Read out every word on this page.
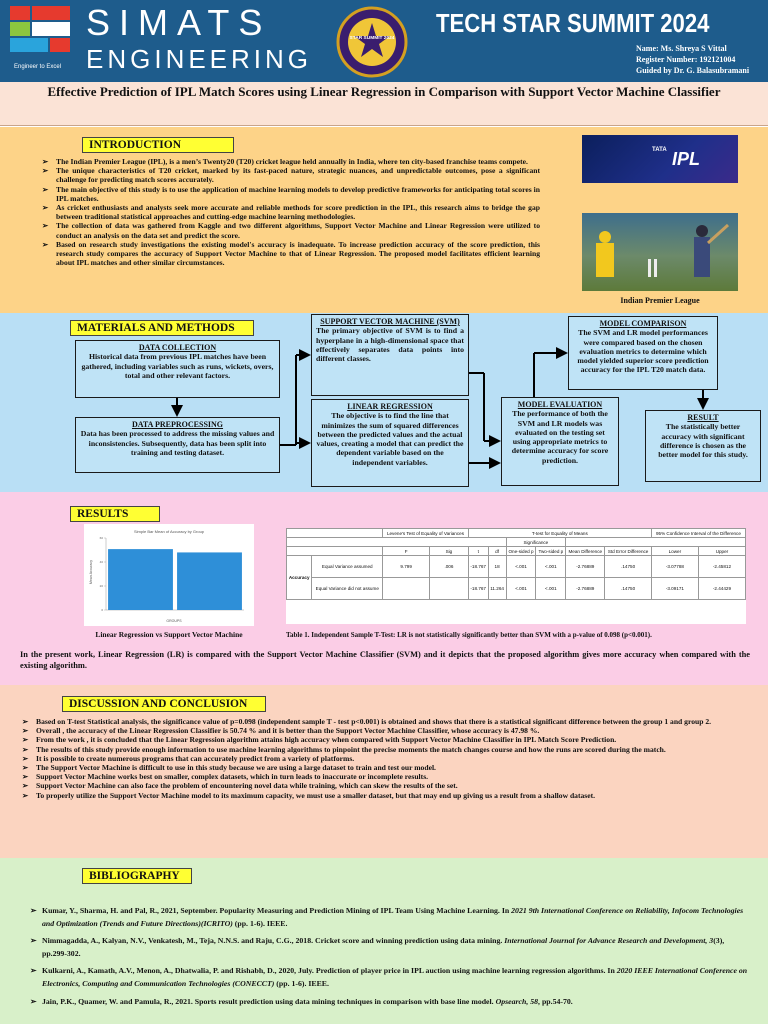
Engineer to Excel
SIMATS
ENGINEERING
STAR SUMMIT 2024
TECH STAR SUMMIT 2024
Name: Ms. Shreya S Vittal
Register Number: 192121004
Guided by Dr. G. Balasubramani
Effective Prediction of IPL Match Scores using Linear Regression in Comparison with Support Vector Machine Classifier
INTRODUCTION
➢ The Indian Premier League (IPL), is a men’s Twenty20 (T20) cricket league held annually in India, where ten city-based franchise teams compete.
➢ The unique characteristics of T20 cricket, marked by its fast-paced nature, strategic nuances, and unpredictable outcomes, pose a significant challenge for predicting match scores accurately.
➢ The main objective of this study is to use the application of machine learning models to develop predictive frameworks for anticipating total scores in IPL matches.
➢ As cricket enthusiasts and analysts seek more accurate and reliable methods for score prediction in the IPL, this research aims to bridge the gap between traditional statistical approaches and cutting-edge machine learning methodologies.
➢ The collection of data was gathered from Kaggle and two different algorithms, Support Vector Machine and Linear Regression were utilized to conduct an analysis on the data set and predict the score.
➢ Based on research study investigations the existing model's accuracy is inadequate. To increase prediction accuracy of the score prediction, this research study compares the accuracy of Support Vector Machine to that of Linear Regression. The proposed model facilitates efficient learning about IPL matches and other similar circumstances.
TATA IPL
Indian Premier League
MATERIALS AND METHODS
DATA COLLECTION
Historical data from previous IPL matches have been gathered, including variables such as runs, wickets, overs, total and other relevant factors.
DATA PREPROCESSING
Data has been processed to address the missing values and inconsistencies. Subsequently, data has been split into training and testing dataset.
SUPPORT VECTOR MACHINE (SVM)
The primary objective of SVM is to find a hyperplane in a high-dimensional space that effectively separates data points into different classes.
LINEAR REGRESSION
The objective is to find the line that minimizes the sum of squared differences between the predicted values and the actual values, creating a model that can predict the dependent variable based on the independent variables.
MODEL EVALUATION
The performance of both the SVM and LR models was evaluated on the testing set using appropriate metrics to determine accuracy for score prediction.
MODEL COMPARISON
The SVM and LR model performances were compared based on the chosen evaluation metrics to determine which model yielded superior score prediction accuracy for the IPL T20 match data.
RESULT
The statistically better accuracy with significant difference is chosen as the better model for this study.
RESULTS
Simple Bar Mean of Accuracy by Group
Mean Accuracy
GROUPS
0
20
40
60
Linear Regression vs Support Vector Machine
		Levene's Test of Equality of Variances		T-test for Equality of Means						95% Confidence Interval of the Difference	
						Significance					
		F	Sig	t	df	One-sided p	Two-sided p	Mean Difference	Std Error Difference	Lower	Upper
Accuracy	Equal Variance assumed	9.799	.006	-18.767	18	<.001	<.001	-2.76889	.14750	-3.07788	-2.45812
	Equal Variance did not assume			-18.767	11.264	<.001	<.001	-2.76889	.14750	-3.09171	-2.44429
Table 1. Independent Sample T-Test: LR is not statistically significantly better than SVM with a p-value of 0.098 (p<0.001).
In the present work, Linear Regression (LR) is compared with the Support Vector Machine Classifier (SVM) and it depicts that the proposed algorithm gives more accuracy when compared with the existing algorithm.
DISCUSSION AND CONCLUSION
➢ Based on T-test Statistical analysis, the significance value of p=0.098 (independent sample T - test p<0.001) is obtained and shows that there is a statistical significant difference between the group 1 and group 2.
➢ Overall , the accuracy of the Linear Regression Classifier is 50.74 % and it is better than the Support Vector Machine Classifier, whose accuracy is 47.98 %.
➢ From the work , it is concluded that the Linear Regression algorithm attains high accuracy when compared with Support Vector Machine Classifier in IPL Match Score Prediction.
➢ The results of this study provide enough information to use machine learning algorithms to pinpoint the precise moments the match changes course and how the runs are scored during the match.
➢ It is possible to create numerous programs that can accurately predict from a variety of platforms.
➢ The Support Vector Machine is difficult to use in this study because we are using a large dataset to train and test our model.
➢ Support Vector Machine works best on smaller, complex datasets, which in turn leads to inaccurate or incomplete results.
➢ Support Vector Machine can also face the problem of encountering novel data while training, which can skew the results of the set.
➢ To properly utilize the Support Vector Machine model to its maximum capacity, we must use a smaller dataset, but that may end up giving us a result from a shallow dataset.
BIBLIOGRAPHY
➢ Kumar, Y., Sharma, H. and Pal, R., 2021, September. Popularity Measuring and Prediction Mining of IPL Team Using Machine Learning. In 2021 9th International Conference on Reliability, Infocom Technologies and Optimization (Trends and Future Directions)(ICRITO) (pp. 1-6). IEEE.
➢ Nimmagadda, A., Kalyan, N.V., Venkatesh, M., Teja, N.N.S. and Raju, C.G., 2018. Cricket score and winning prediction using data mining. International Journal for Advance Research and Development, 3(3), pp.299-302.
➢ Kulkarni, A., Kamath, A.V., Menon, A., Dhatwalia, P. and Rishabh, D., 2020, July. Prediction of player price in IPL auction using machine learning regression algorithms. In 2020 IEEE International Conference on Electronics, Computing and Communication Technologies (CONECCT) (pp. 1-6). IEEE.
➢ Jain, P.K., Quamer, W. and Pamula, R., 2021. Sports result prediction using data mining techniques in comparison with base line model. Opsearch, 58, pp.54-70.
